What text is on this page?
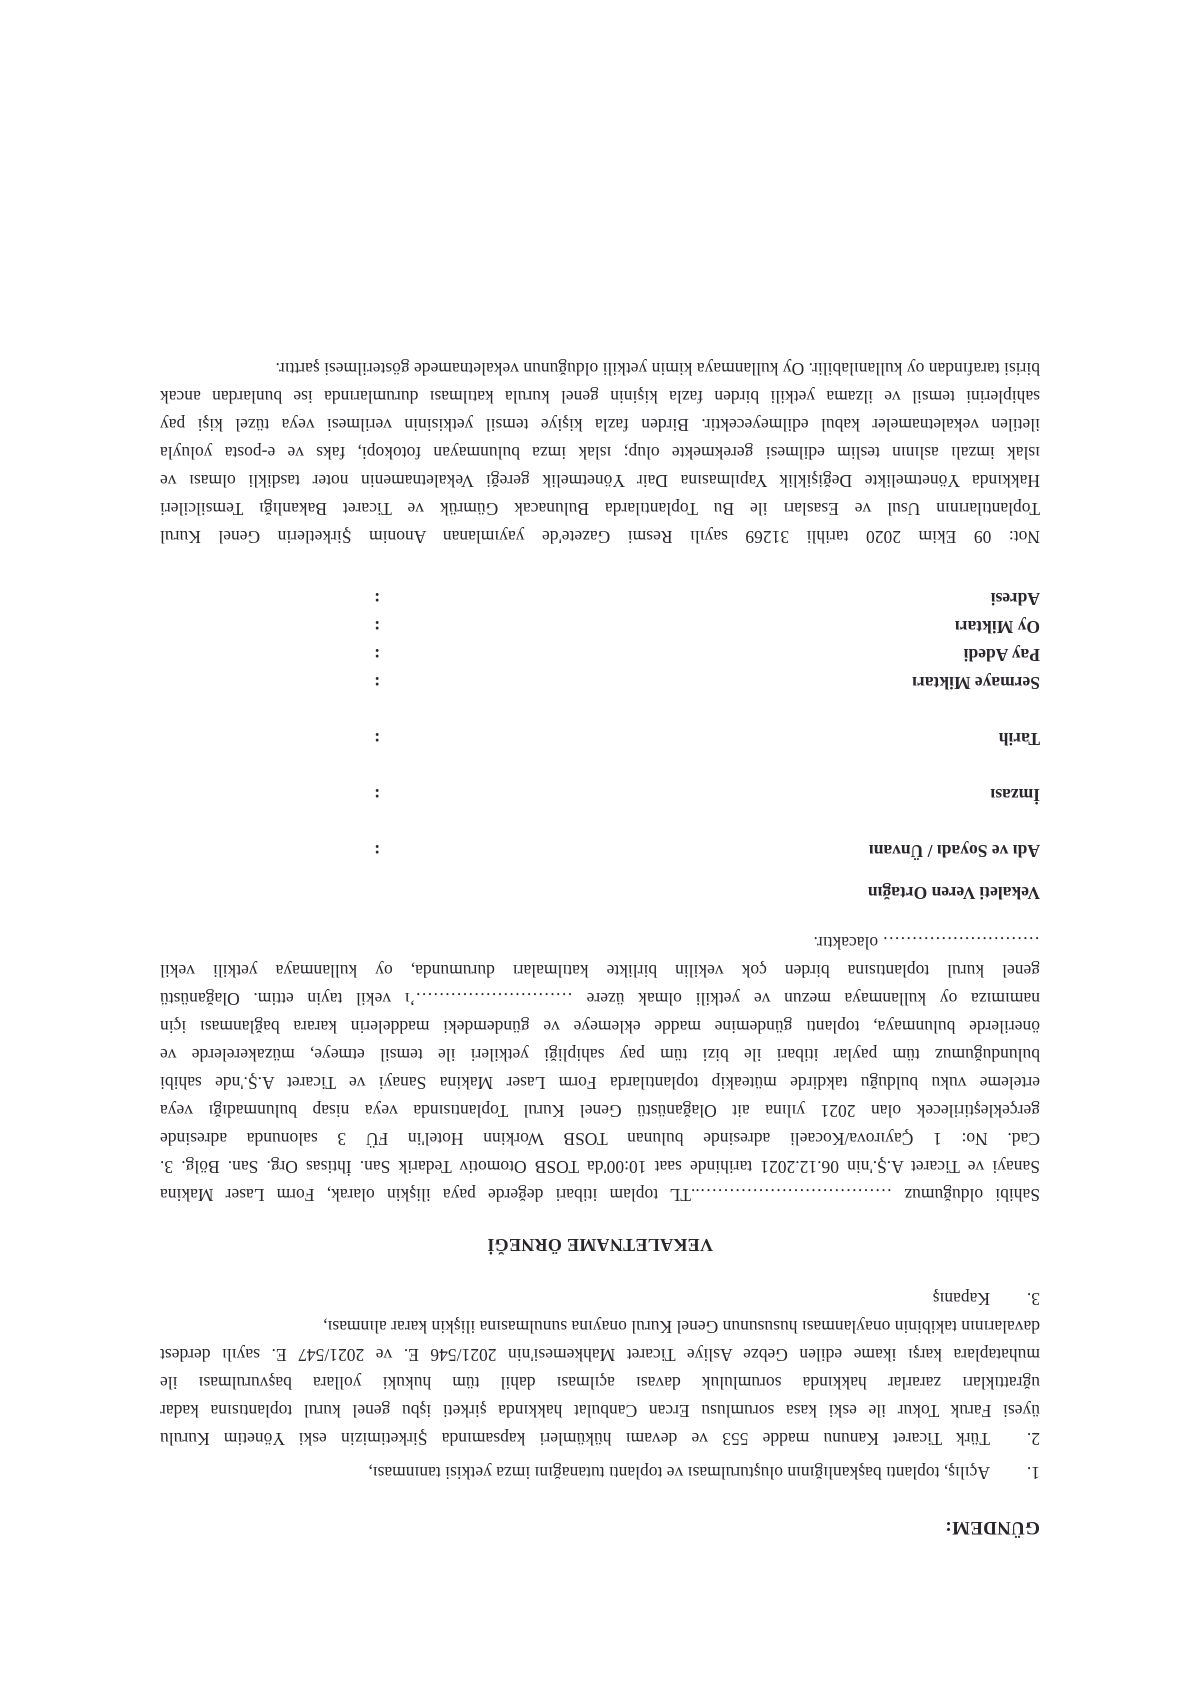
GÜNDEM:
1.
Açılış, toplantı başkanlığının oluşturulması ve toplantı tutanağını imza yetkisi tanınması,
2.
Türk Ticaret Kanunu madde 553 ve devamı hükümleri kapsamında Şirketimizin eski Yönetim Kurulu

üyesi Faruk Tokur ile eski kasa sorumlusu Ercan Canbulat hakkında şirketi işbu genel kurul toplantısına kadar

uğrattıkları zararlar hakkında sorumluluk davası açılması dahil tüm hukuki yollara başvurulması ile

muhataplara karşı ikame edilen Gebze Asliye Ticaret Mahkemesi'nin 2021/546 E. ve 2021/547 E. sayılı derdest

davalarının takibinin onaylanması hususunun Genel Kurul onayına sunulmasına ilişkin karar alınması,

3.
Kapanış
VEKALETNAME ÖRNEĞİ

Sahibi olduğumuz ……………………………..TL toplam itibari değerde paya ilişkin olarak, Form Laser Makina

Sanayi ve Ticaret A.Ş.'nin 06.12.2021 tarihinde saat 10:00'da TOSB Otomotiv Tedarik San. İhtisas Org. San. Bölg. 3.

Cad. No: 1 Çayırova/Kocaeli adresinde bulunan TOSB Workinn Hotel'in FÜ 3 salonunda adresinde

gerçekleştirilecek olan 2021 yılına ait Olağanüstü Genel Kurul Toplantısında veya nisap bulunmadığı veya

erteleme vuku bulduğu takdirde müteakip toplantılarda Form Laser Makina Sanayi ve Ticaret A.Ş.'nde sahibi

bulunduğumuz tüm paylar itibari ile bizi tüm pay sahipliği yetkileri ile temsil etmeye, müzakerelerde ve

önerilerde bulunmaya, toplantı gündemine madde eklemeye ve gündemdeki maddelerin karara bağlanması için

namımıza oy kullanmaya mezun ve yetkili olmak üzere ………………………’ı vekil tayin ettim. Olağanüstü

genel kurul toplantısına birden çok vekilin birlikte katılmaları durumunda, oy kullanmaya yetkili vekil

……………………… olacaktır.

Vekaleti Veren Ortağın
Adı ve Soyadı / Ünvanı
:
İmzası
:
Tarih
:
Sermaye Miktarı
:
Pay Adedi
:
Oy Miktarı
:
Adresi
:

Not: 09 Ekim 2020 tarihli 31269 sayılı Resmi Gazete'de yayımlanan Anonim Şirketlerin Genel Kurul

Toplantılarının Usul ve Esasları ile Bu Toplantılarda Bulunacak Gümrük ve Ticaret Bakanlığı Temsilcileri

Hakkında Yönetmelikte Değişiklik Yapılmasına Dair Yönetmelik gereği Vekaletnamenin noter tasdikli olması ve

ıslak imzalı aslının teslim edilmesi gerekmekte olup; ıslak imza bulunmayan fotokopi, faks ve e-posta yoluyla

iletilen vekaletnameler kabul edilmeyecektir. Birden fazla kişiye temsil yetkisinin verilmesi veya tüzel kişi pay

sahiplerini temsil ve ilzama yetkili birden fazla kişinin genel kurula katılması durumlarında ise bunlardan ancak

birisi tarafından oy kullanılabilir. Oy kullanmaya kimin yetkili olduğunun vekaletnamede gösterilmesi şarttır.
